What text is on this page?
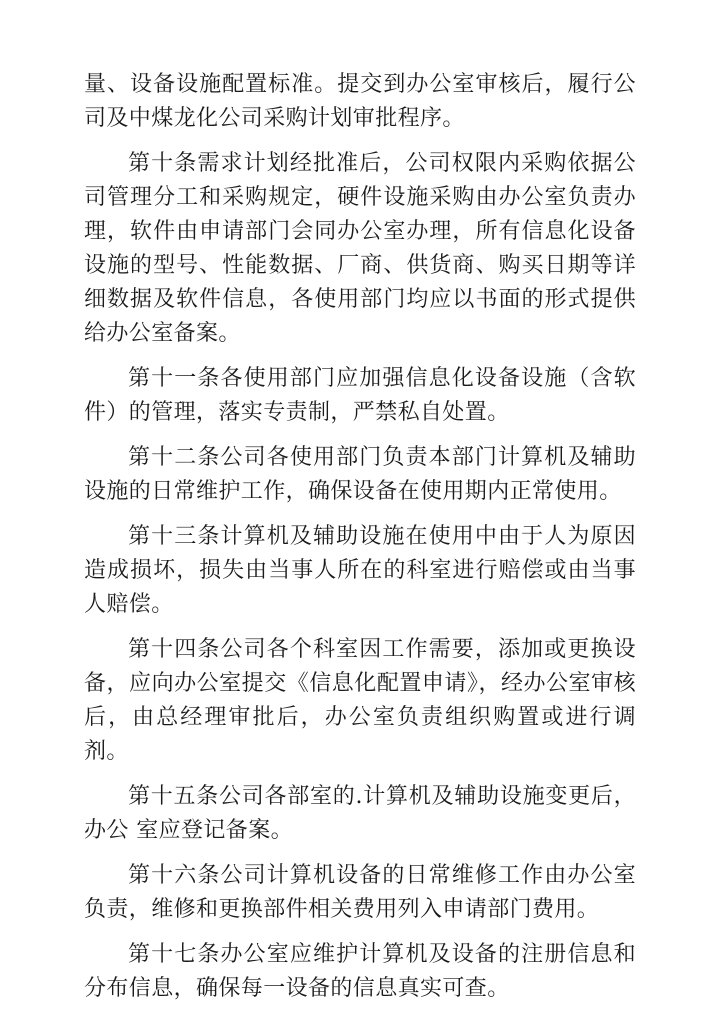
量、设备设施配置标准。提交到办公室审核后，履行公司及中煤龙化公司采购计划审批程序。

第十条需求计划经批准后，公司权限内采购依据公司管理分工和采购规定，硬件设施采购由办公室负责办理，软件由申请部门会同办公室办理，所有信息化设备设施的型号、性能数据、厂商、供货商、购买日期等详细数据及软件信息，各使用部门均应以书面的形式提供给办公室备案。

第十一条各使用部门应加强信息化设备设施（含软件）的管理，落实专责制，严禁私自处置。

第十二条公司各使用部门负责本部门计算机及辅助设施的日常维护工作，确保设备在使用期内正常使用。

第十三条计算机及辅助设施在使用中由于人为原因造成损坏，损失由当事人所在的科室进行赔偿或由当事人赔偿。

第十四条公司各个科室因工作需要，添加或更换设备，应向办公室提交《信息化配置申请》，经办公室审核后，由总经理审批后，办公室负责组织购置或进行调剂。

第十五条公司各部室的.计算机及辅助设施变更后，办公 室应登记备案。

第十六条公司计算机设备的日常维修工作由办公室负责，维修和更换部件相关费用列入申请部门费用。

第十七条办公室应维护计算机及设备的注册信息和分布信息，确保每一设备的信息真实可查。
